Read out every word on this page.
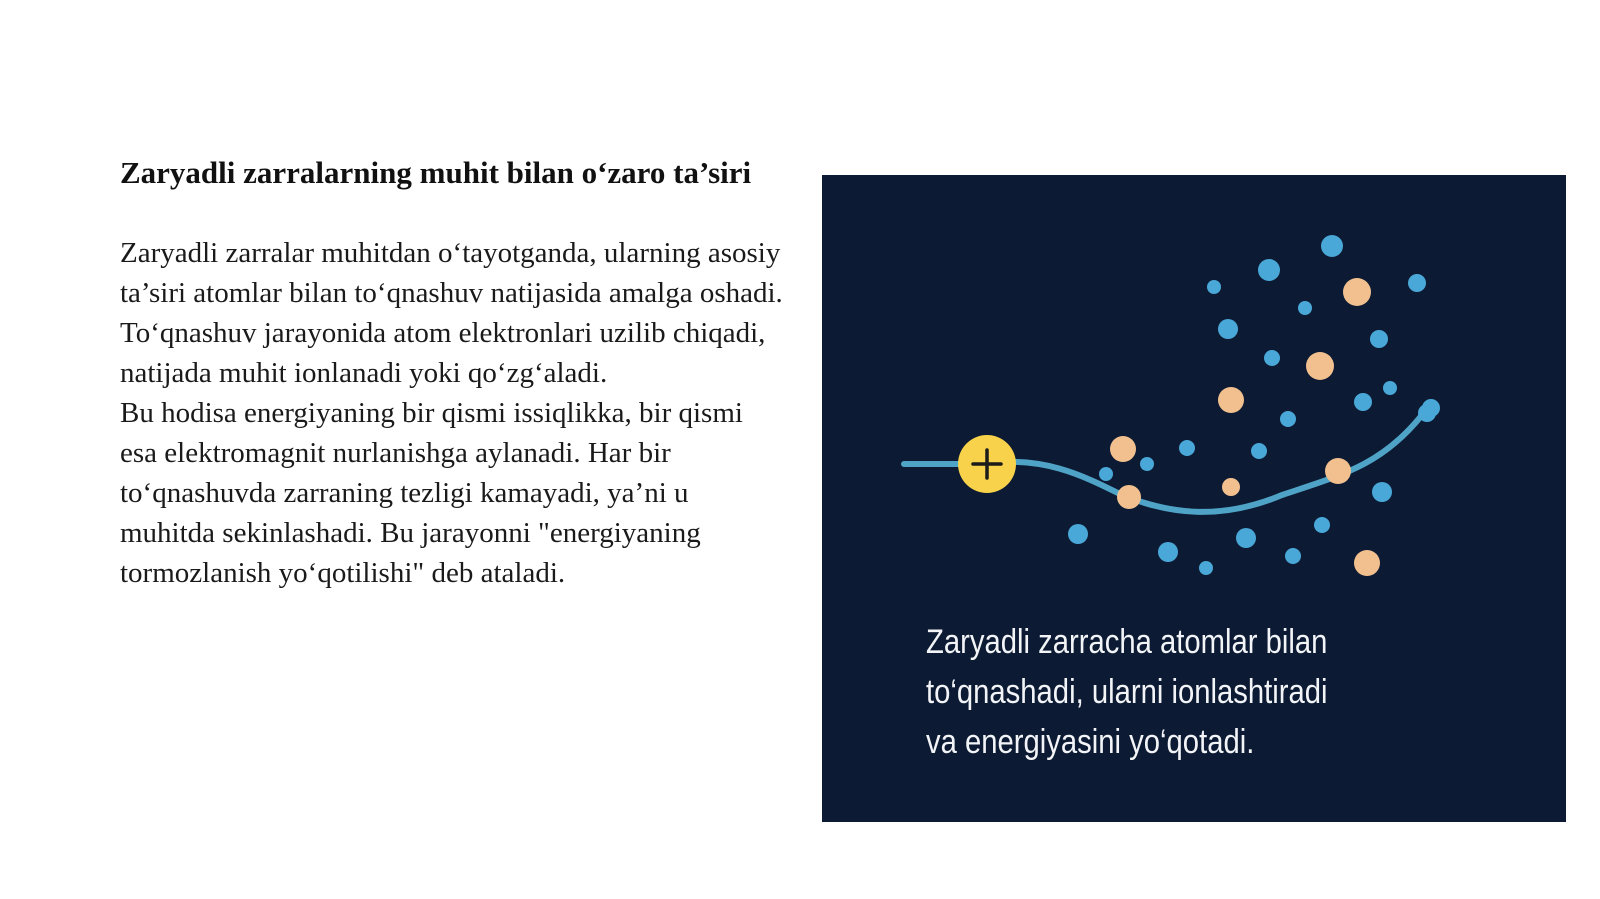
Zaryadli zarralarning muhit bilan o‘zaro ta’siri

Zaryadli zarralar muhitdan o‘tayotganda, ularning asosiy ta’siri atomlar bilan to‘qnashuv natijasida amalga oshadi. To‘qnashuv jarayonida atom elektronlari uzilib chiqadi, natijada muhit ionlanadi yoki qo‘zg‘aladi.

Bu hodisa energiyaning bir qismi issiqlikka, bir qismi esa elektromagnit nurlanishga aylanadi. Har bir to‘qnashuvda zarraning tezligi kamayadi, ya’ni u muhitda sekinlashadi. Bu jarayonni "energiyaning tormozlanish yo‘qotilishi" deb ataladi.

Zaryadli zarracha atomlar bilan
to‘qnashadi, ularni ionlashtiradi
va energiyasini yo‘qotadi.
